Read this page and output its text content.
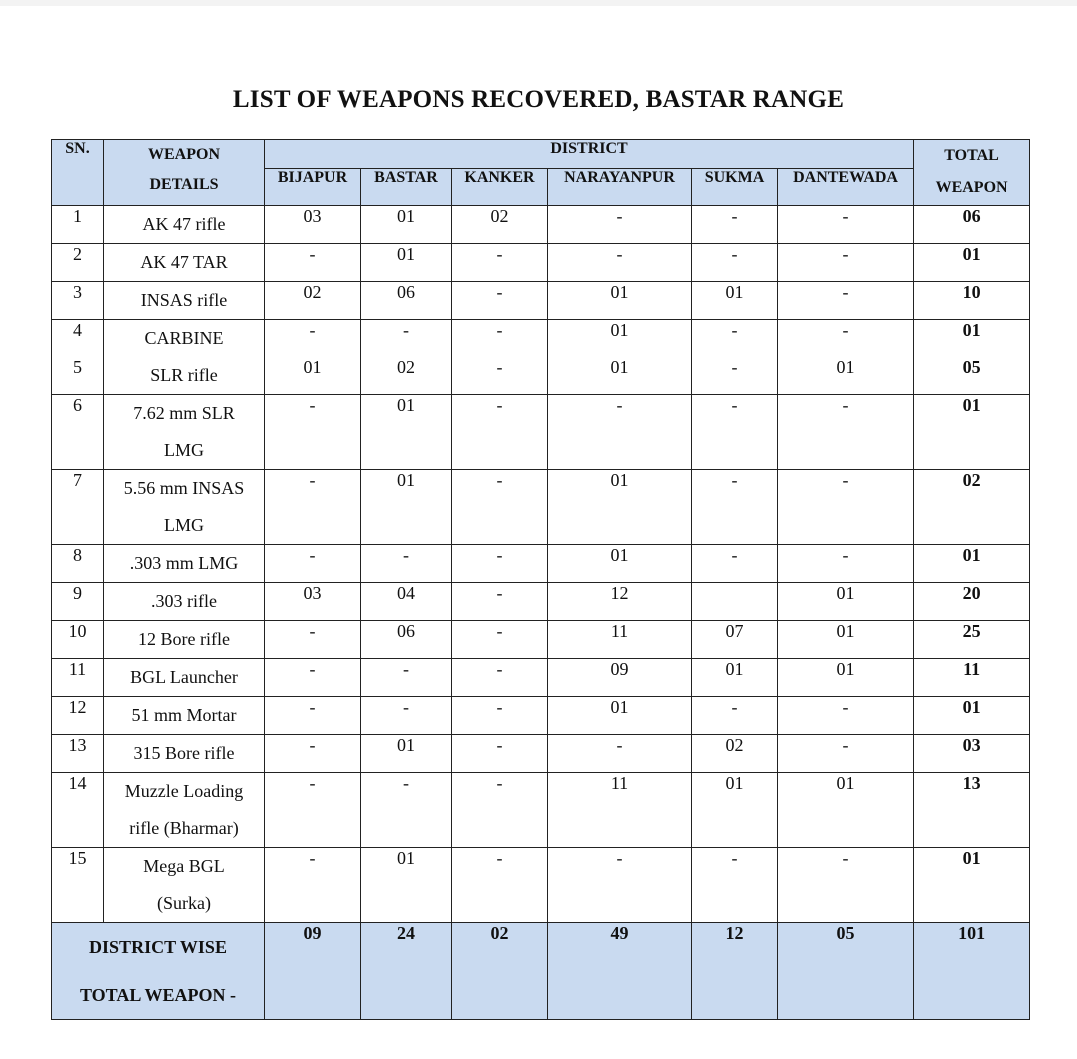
LIST OF WEAPONS RECOVERED, BASTAR RANGE
SN.	WEAPON
DETAILS	DISTRICT						TOTAL
WEAPON

		BIJAPUR	BASTAR	KANKER	NARAYANPUR	SUKMA	DANTEWADA	
1	AK 47 rifle	03	01	02	-	-	-	06
2	AK 47 TAR	-	01	-	-	-	-	01
3	INSAS rifle	02	06	-	01	01	-	10
4	CARBINE	-	-	-	01	-	-	01
5	SLR rifle	01	02	-	01	-	01	05
6	7.62 mm SLR
LMG	-	01	-	-	-	-	01
7	5.56 mm INSAS
LMG	-	01	-	01	-	-	02
8	.303 mm LMG	-	-	-	01	-	-	01
9	.303 rifle	03	04	-	12		01	20
10	12 Bore rifle	-	06	-	11	07	01	25
11	BGL Launcher	-	-	-	09	01	01	11
12	51 mm Mortar	-	-	-	01	-	-	01
13	315 Bore rifle	-	01	-	-	02	-	03
14	Muzzle Loading
rifle (Bharmar)	-	-	-	11	01	01	13
15	Mega BGL
(Surka)	-	01	-	-	-	-	01

DISTRICT WISE
TOTAL WEAPON -		09	24	02	49	12	05	101
